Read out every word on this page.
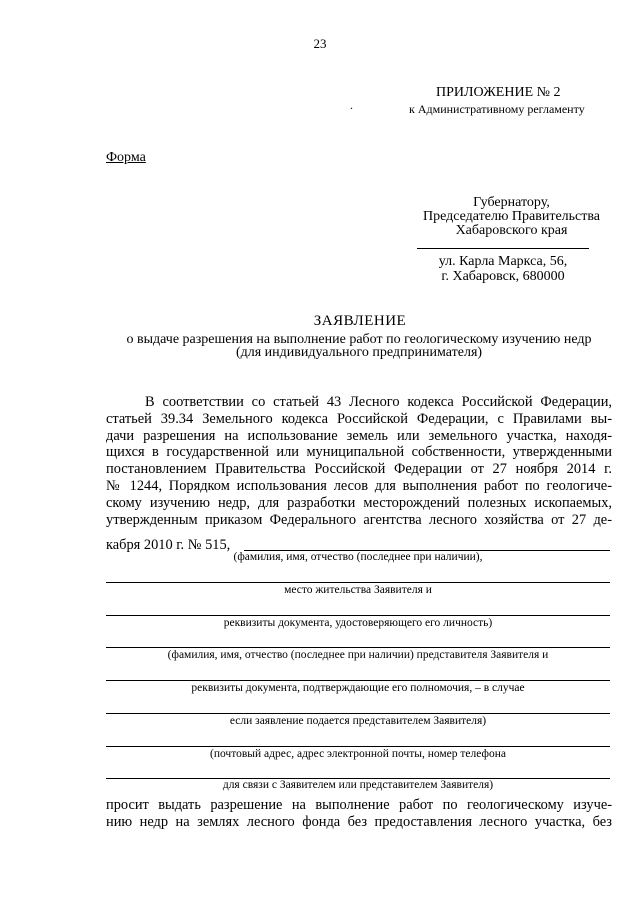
23
.
ПРИЛОЖЕНИЕ № 2
к Административному регламенту
Форма
Губернатору,
Председателю Правительства
Хабаровского края
ул. Карла Маркса, 56,
г. Хабаровск, 680000
ЗАЯВЛЕНИЕ
о выдаче разрешения на выполнение работ по геологическому изучению недр
(для индивидуального предпринимателя)
В соответствии со статьей 43 Лесного кодекса Российской Федерации,
статьей 39.34 Земельного кодекса Российской Федерации, с Правилами вы-
дачи разрешения на использование земель или земельного участка, находя-
щихся в государственной или муниципальной собственности, утвержденными
постановлением Правительства Российской Федерации от 27 ноября 2014 г.
№ 1244, Порядком использования лесов для выполнения работ по геологиче-
скому изучению недр, для разработки месторождений полезных ископаемых,
утвержденным приказом Федерального агентства лесного хозяйства от 27 де-
кабря 2010 г. № 515,
(фамилия, имя, отчество (последнее при наличии),
место жительства Заявителя и
реквизиты документа, удостоверяющего его личность)
(фамилия, имя, отчество (последнее при наличии) представителя Заявителя и
реквизиты документа, подтверждающие его полномочия, – в случае
если заявление подается представителем Заявителя)
(почтовый адрес, адрес электронной почты, номер телефона
для связи с Заявителем или представителем Заявителя)
просит выдать разрешение на выполнение работ по геологическому изуче-
нию недр на землях лесного фонда без предоставления лесного участка, без
